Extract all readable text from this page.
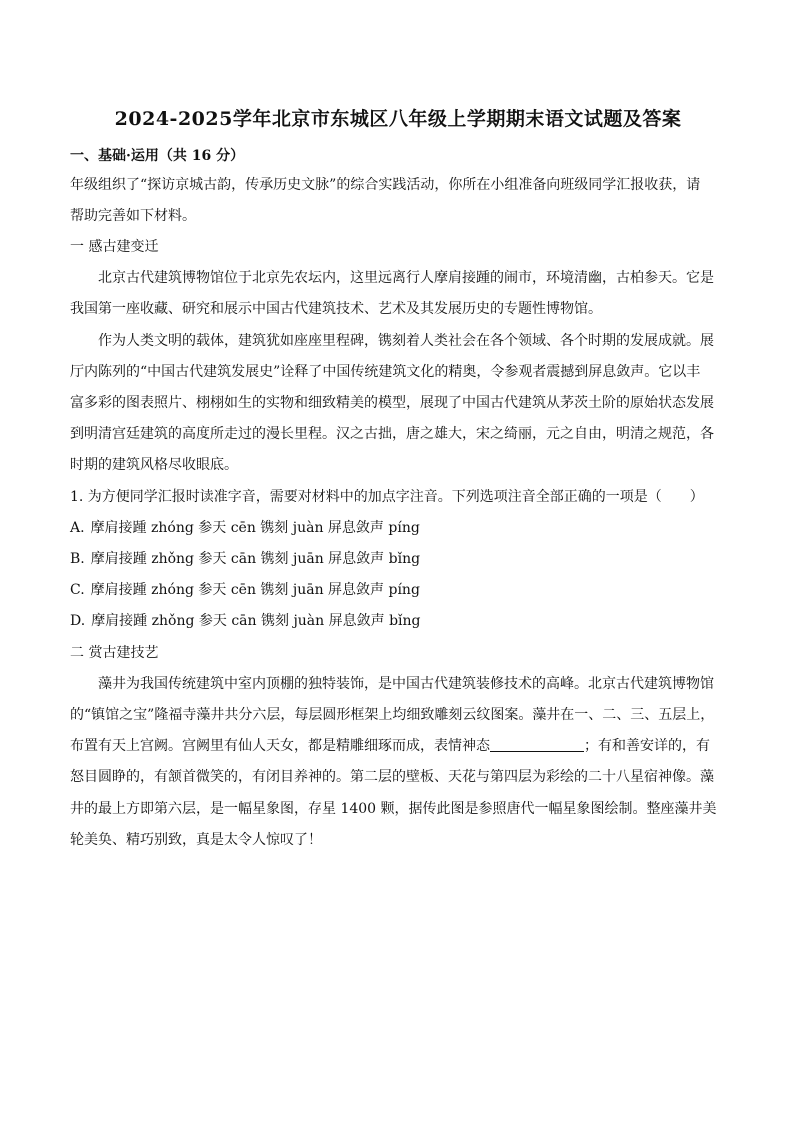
2024-2025学年北京市东城区八年级上学期期末语文试题及答案
一、基础·运用（共 16 分）
年级组织了“探访京城古韵，传承历史文脉”的综合实践活动，你所在小组准备向班级同学汇报收获，请
帮助完善如下材料。
一 感古建变迁
北京古代建筑博物馆位于北京先农坛内，这里远离行人摩肩接踵的闹市，环境清幽，古柏参天。它是
我国第一座收藏、研究和展示中国古代建筑技术、艺术及其发展历史的专题性博物馆。
作为人类文明的载体，建筑犹如座座里程碑，镌刻着人类社会在各个领域、各个时期的发展成就。展
厅内陈列的“中国古代建筑发展史”诠释了中国传统建筑文化的精奥，令参观者震撼到屏息敛声。它以丰
富多彩的图表照片、栩栩如生的实物和细致精美的模型，展现了中国古代建筑从茅茨土阶的原始状态发展
到明清宫廷建筑的高度所走过的漫长里程。汉之古拙，唐之雄大，宋之绮丽，元之自由，明清之规范，各
时期的建筑风格尽收眼底。
1. 为方便同学汇报时读准字音，需要对材料中的加点字注音。下列选项注音全部正确的一项是（　　）
A. 摩肩接踵 zhóng 参天 cēn 镌刻 juàn 屏息敛声 píng
B. 摩肩接踵 zhǒng 参天 cān 镌刻 juān 屏息敛声 bǐng
C. 摩肩接踵 zhóng 参天 cēn 镌刻 juān 屏息敛声 píng
D. 摩肩接踵 zhǒng 参天 cān 镌刻 juàn 屏息敛声 bǐng
二 赏古建技艺
藻井为我国传统建筑中室内顶棚的独特装饰，是中国古代建筑装修技术的高峰。北京古代建筑博物馆
的“镇馆之宝”隆福寺藻井共分六层，每层圆形框架上均细致雕刻云纹图案。藻井在一、二、三、五层上，
布置有天上宫阙。宫阙里有仙人天女，都是精雕细琢而成，表情神态	；有和善安详的，有
怒目圆睁的，有颔首微笑的，有闭目养神的。第二层的壁板、天花与第四层为彩绘的二十八星宿神像。藻
井的最上方即第六层，是一幅星象图，存星 1400 颗，据传此图是参照唐代一幅星象图绘制。整座藻井美
轮美奂、精巧别致，真是太令人惊叹了！
